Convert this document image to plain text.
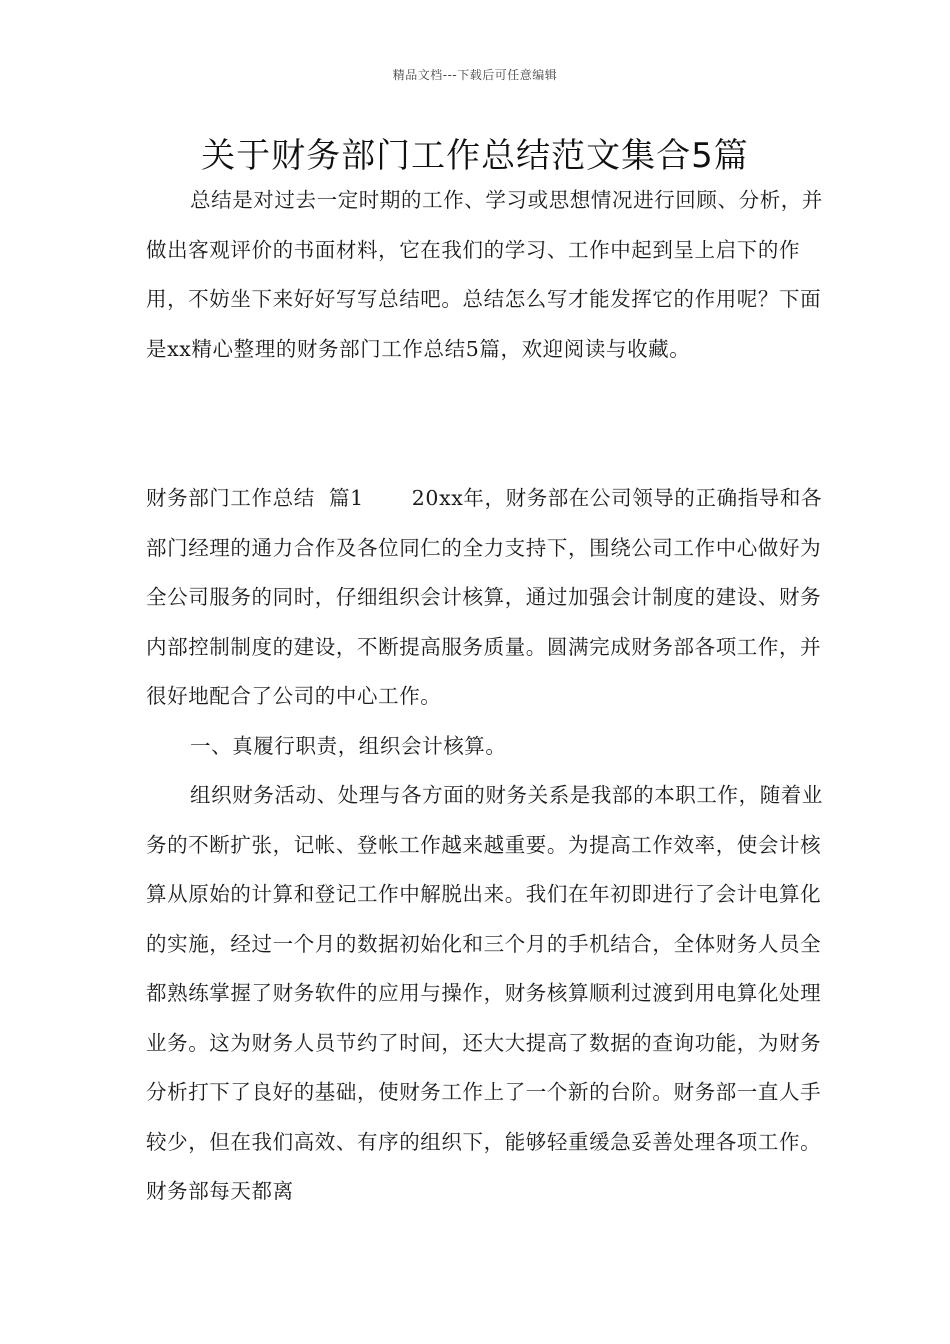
精品文档---下载后可任意编辑
关于财务部门工作总结范文集合5篇

总结是对过去一定时期的工作、学习或思想情况进行回顾、分析，并做出客观评价的书面材料，它在我们的学习、工作中起到呈上启下的作用，不妨坐下来好好写写总结吧。总结怎么写才能发挥它的作用呢？下面是xx精心整理的财务部门工作总结5篇，欢迎阅读与收藏。

财务部门工作总结  篇1 20xx年，财务部在公司领导的正确指导和各部门经理的通力合作及各位同仁的全力支持下，围绕公司工作中心做好为全公司服务的同时，仔细组织会计核算，通过加强会计制度的建设、财务内部控制制度的建设，不断提高服务质量。圆满完成财务部各项工作，并很好地配合了公司的中心工作。

一、真履行职责，组织会计核算。

组织财务活动、处理与各方面的财务关系是我部的本职工作，随着业务的不断扩张，记帐、登帐工作越来越重要。为提高工作效率，使会计核算从原始的计算和登记工作中解脱出来。我们在年初即进行了会计电算化的实施，经过一个月的数据初始化和三个月的手机结合，全体财务人员全都熟练掌握了财务软件的应用与操作，财务核算顺利过渡到用电算化处理业务。这为财务人员节约了时间，还大大提高了数据的查询功能，为财务分析打下了良好的基础，使财务工作上了一个新的台阶。财务部一直人手较少，但在我们高效、有序的组织下，能够轻重缓急妥善处理各项工作。财务部每天都离
